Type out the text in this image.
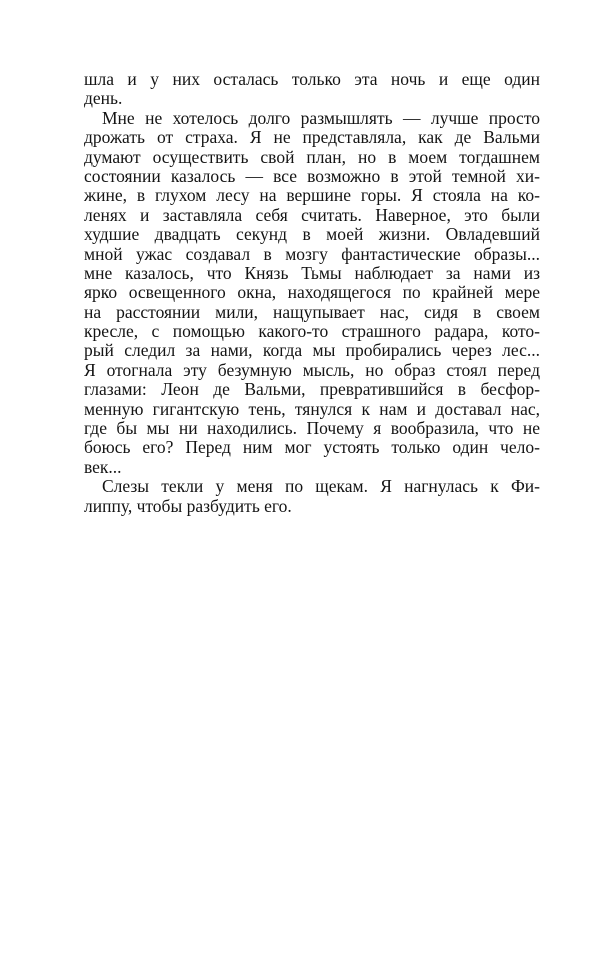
шла и у них осталась только эта ночь и еще один
день.
Мне не хотелось долго размышлять — лучше просто
дрожать от страха. Я не представляла, как де Вальми
думают осуществить свой план, но в моем тогдашнем
состоянии казалось — все возможно в этой темной хи-
жине, в глухом лесу на вершине горы. Я стояла на ко-
ленях и заставляла себя считать. Наверное, это были
худшие двадцать секунд в моей жизни. Овладевший
мной ужас создавал в мозгу фантастические образы...
мне казалось, что Князь Тьмы наблюдает за нами из
ярко освещенного окна, находящегося по крайней мере
на расстоянии мили, нащупывает нас, сидя в своем
кресле, с помощью какого-то страшного радара, кото-
рый следил за нами, когда мы пробирались через лес...
Я отогнала эту безумную мысль, но образ стоял перед
глазами: Леон де Вальми, превратившийся в бесфор-
менную гигантскую тень, тянулся к нам и доставал нас,
где бы мы ни находились. Почему я вообразила, что не
боюсь его? Перед ним мог устоять только один чело-
век...
Слезы текли у меня по щекам. Я нагнулась к Фи-
липпу, чтобы разбудить его.
